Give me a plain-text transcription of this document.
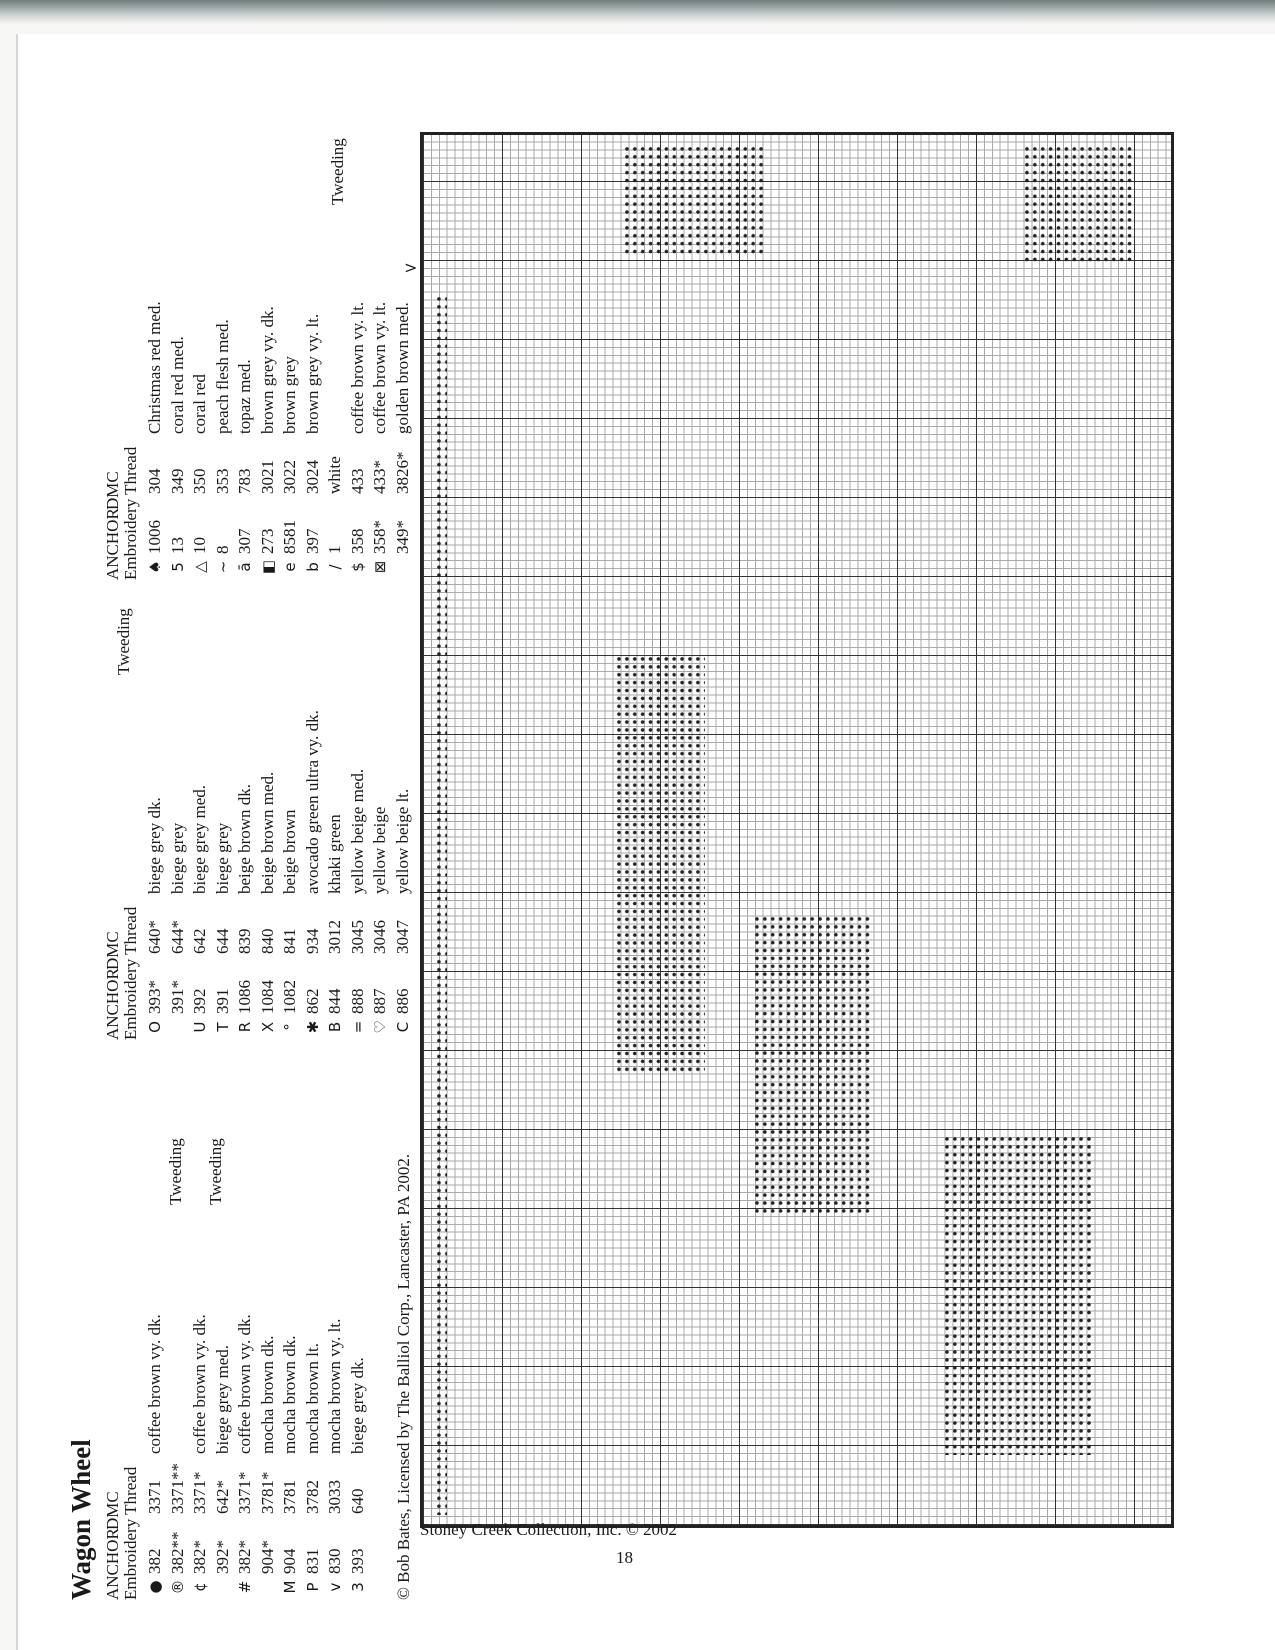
Wagon Wheel ANCHORDMC
Embroidery Thread
●3823371coffee brown vy. dk.
®382**3371**
¢382*3371*coffee brown vy. dk.
392*642*biege grey med.
#382*3371*coffee brown vy. dk.
904*3781*mocha brown dk.
M9043781mocha brown dk.
P8313782mocha brown lt.
v8303033mocha brown vy. lt.
3393640biege grey dk.
ANCHORDMC
Embroidery Thread
O393*640*biege grey dk.
391*644*biege grey
U392642biege grey med.
T391644biege grey
R1086839beige brown dk.
X1084840beige brown med.
°1082841beige brown
✱862934avocado green ultra vy. dk.
B8443012khaki green
=8883045yellow beige med.
♡8873046yellow beige
C8863047yellow beige lt.
ANCHORDMC
Embroidery Thread
♠1006304Christmas red med.
513349coral red med.
△10350coral red
~8353peach flesh med.
ā307783topaz med.
◧2733021brown grey vy. dk.
e85813022brown grey
b3973024brown grey vy. lt.
/1white
$358433coffee brown vy. lt.
⊠358*433*coffee brown vy. lt.
349*3826*golden brown med.
Tweeding Tweeding
Tweeding
Tweeding
© Bob Bates, Licensed by The Balliol Corp., Lancaster, PA 2002.
>
Stoney Creek Collection, Inc. © 2002
18
